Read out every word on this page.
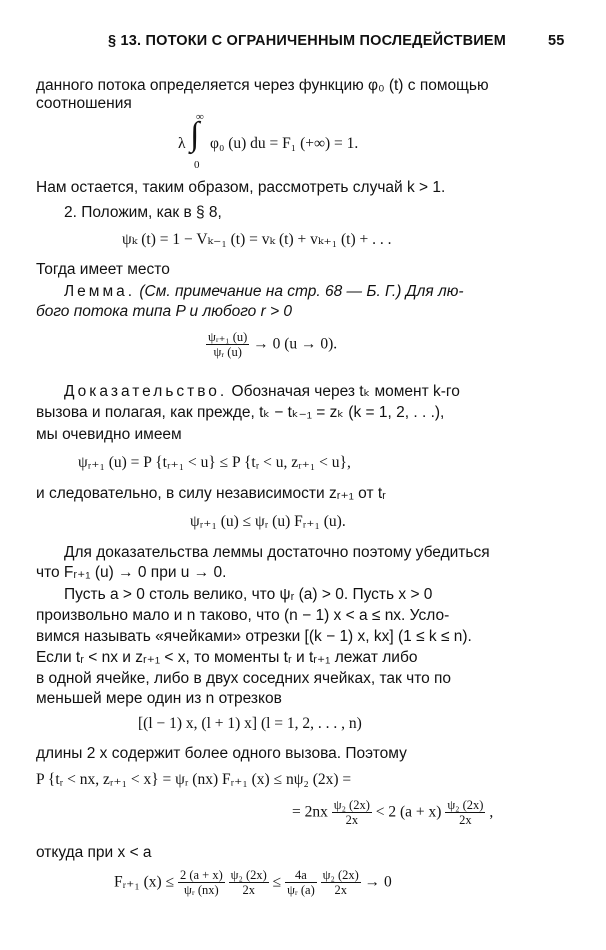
§ 13. ПОТОКИ С ОГРАНИЧЕННЫМ ПОСЛЕДЕЙСТВИЕМ	55
данного потока определяется через функцию φ₀ (t) с помощью
соотношения
λ ∫
∞
0
φ₀ (u) du = F₁ (+∞) = 1.
Нам остается, таким образом, рассмотреть случай k > 1.
2. Положим, как в § 8,
ψₖ (t) = 1 − Vₖ₋₁ (t) = vₖ (t) + vₖ₊₁ (t) + . . .
Тогда имеет место
Лемма. (См. примечание на стр. 68 — Б. Г.) Для лю-
бого потока типа P и любого r > 0
$\frac{\text{ψᵣ₊₁ (u)}}{\text{ψᵣ (u)}} \to 0$ (u → 0).
Доказательство. Обозначая через tₖ момент k-го
вызова и полагая, как прежде, tₖ − tₖ₋₁ = zₖ (k = 1, 2, . . .),
мы очевидно имеем
ψᵣ₊₁ (u) = P {tᵣ₊₁ < u} ≤ P {tᵣ < u, zᵣ₊₁ < u},
и следовательно, в силу независимости zᵣ₊₁ от tᵣ
ψᵣ₊₁ (u) ≤ ψᵣ (u) Fᵣ₊₁ (u).
Для доказательства леммы достаточно поэтому убедиться
что Fᵣ₊₁ (u) → 0 при u → 0.
Пусть a > 0 столь велико, что ψᵣ (a) > 0. Пусть x > 0
произвольно мало и n таково, что (n − 1) x < a ≤ nx. Усло-
вимся называть «ячейками» отрезки [(k − 1) x, kx] (1 ≤ k ≤ n).
Если tᵣ < nx и zᵣ₊₁ < x, то моменты tᵣ и tᵣ₊₁ лежат либо
в одной ячейке, либо в двух соседних ячейках, так что по
меньшей мере один из n отрезков
[(l − 1) x, (l + 1) x] (l = 1, 2, . . . , n)
длины 2 x содержит более одного вызова. Поэтому
P {tᵣ < nx, zᵣ₊₁ < x} = ψᵣ (nx) Fᵣ₊₁ (x) ≤ nψ₂ (2x) =
= $2nx \frac{\text{ψ₂ (2x)}}{2x} < 2$ $(a + x) \frac{\text{ψ₂ (2x)}}{2x}$ ,
откуда при x < a
Fᵣ₊₁ $(x) \le \frac{2 (a + x)}{\text{ψᵣ (nx)}}$
$\frac{\text{ψ₂ (2x)}}{2x} \le \frac{4a}{\text{ψᵣ (a)}}$
$\frac{\text{ψ₂ (2x)}}{2x} \to 0$
